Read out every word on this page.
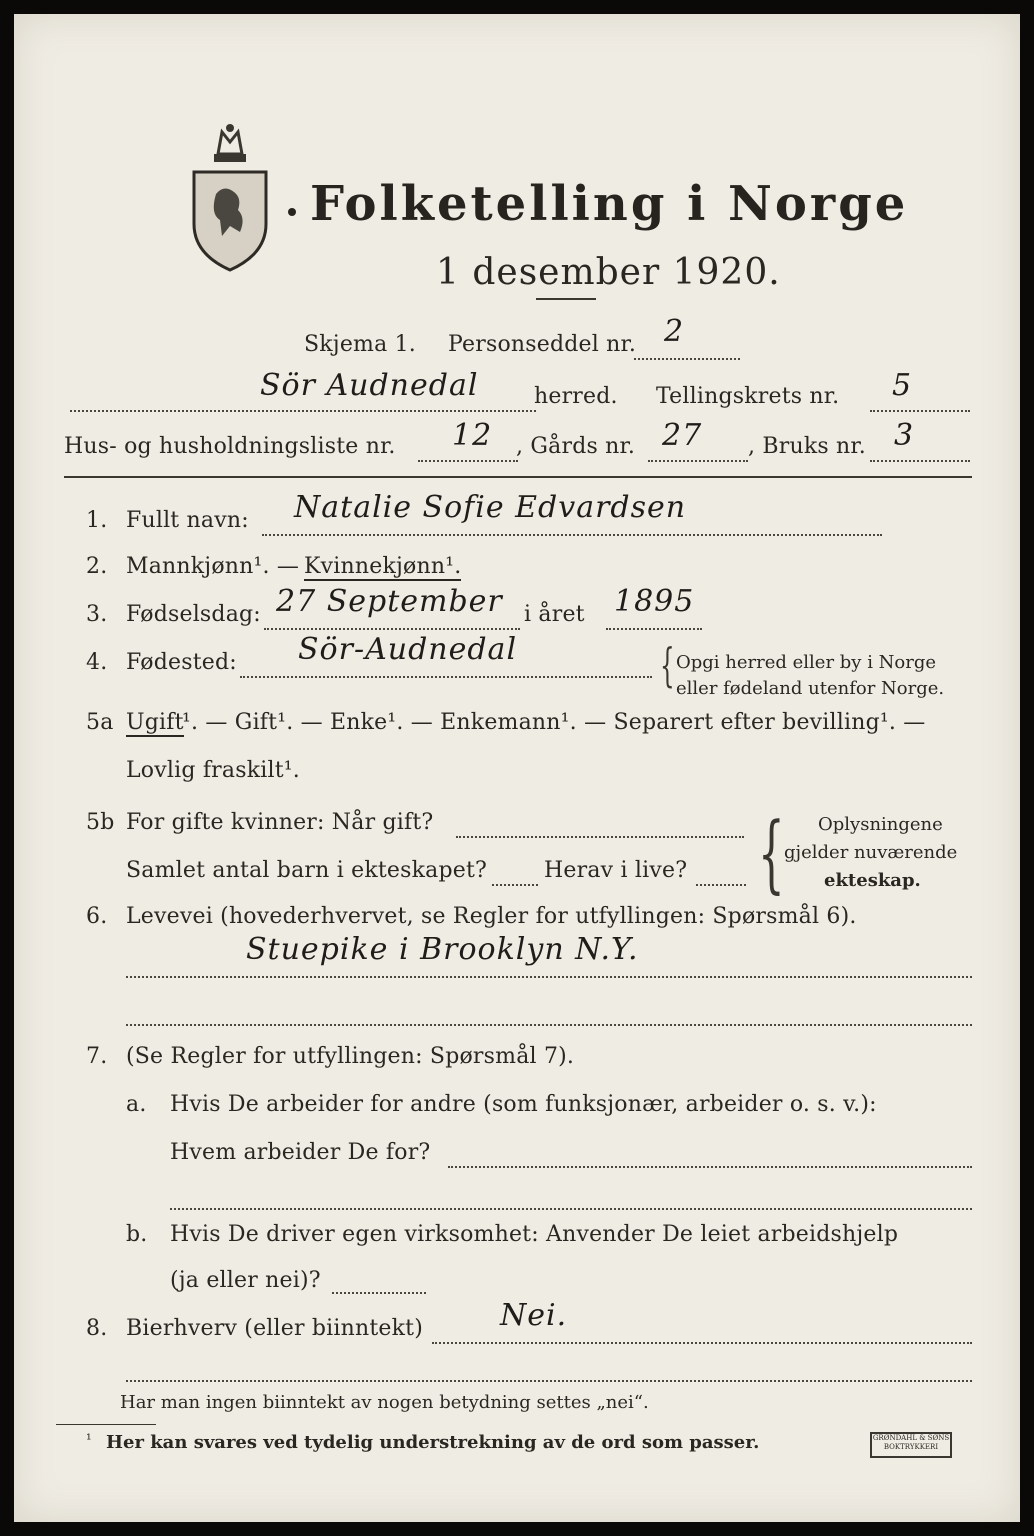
Folketelling i Norge
1 desember 1920.
Skjema 1. Personseddel nr. 2
Sör Audnedal	herred. Tellingskrets nr. 5
Hus- og husholdningsliste nr. 12 , Gårds nr. 27 , Bruks nr. 3
1. Fullt navn: Natalie Sofie Edvardsen
2. Mannkjønn¹. — Kvinnekjønn¹.
3. Fødselsdag: 27 September i året 1895
4. Fødested: Sör-Audnedal	{ Opgi herred eller by i Norge
eller fødeland utenfor Norge.
5a Ugift
¹. — Gift¹. — Enke¹. — Enkemann¹. — Separert efter bevilling¹. —
Lovlig fraskilt¹.
5b For gifte kvinner: Når gift?
Samlet antal barn i ekteskapet?	Herav i live? { Oplysningene
gjelder nuværende
ekteskap.
6. Levevei (hovederhvervet, se Regler for utfyllingen: Spørsmål 6).
Stuepike i Brooklyn N.Y.
7. (Se Regler for utfyllingen: Spørsmål 7).
a. Hvis De arbeider for andre (som funksjonær, arbeider o. s. v.):
Hvem arbeider De for?
b. Hvis De driver egen virksomhet: Anvender De leiet arbeidshjelp
(ja eller nei)?
8. Bierhverv (eller biinntekt)	Nei.
Har man ingen biinntekt av nogen betydning settes „nei“.
¹ Her kan svares ved tydelig understrekning av de ord som passer.	GRØNDAHL & SØNS BOKTRYKKERI
